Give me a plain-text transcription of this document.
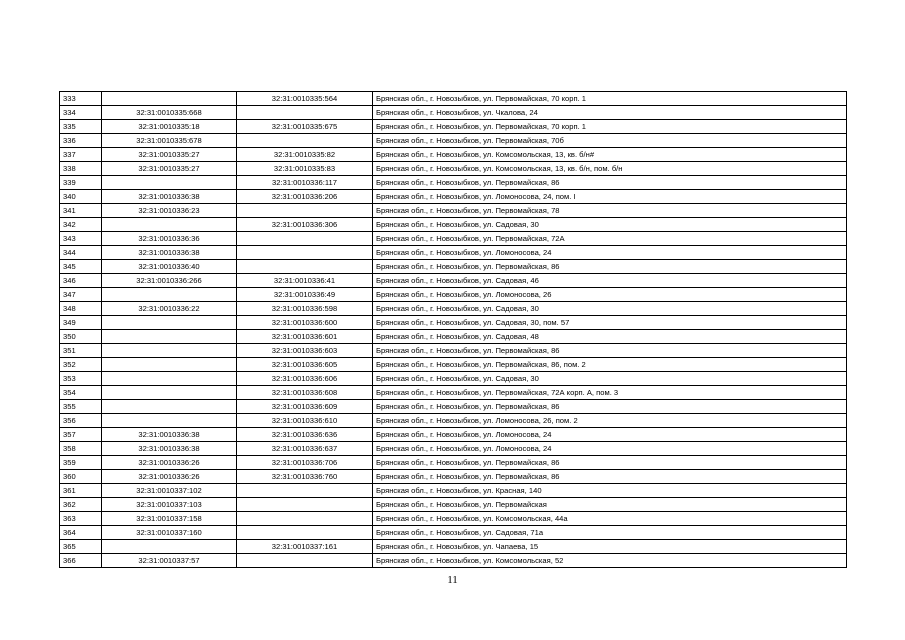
333		32:31:0010335:564	Брянская обл., г. Новозыбков, ул. Первомайская, 70 корп. 1
334	32:31:0010335:668		Брянская обл., г. Новозыбков, ул. Чкалова, 24
335	32:31:0010335:18	32:31:0010335:675	Брянская обл., г. Новозыбков, ул. Первомайская, 70 корп. 1
336	32:31:0010335:678		Брянская обл., г. Новозыбков, ул. Первомайская, 70б
337	32:31:0010335:27	32:31:0010335:82	Брянская обл., г. Новозыбков, ул. Комсомольская, 13, кв. б/н#
338	32:31:0010335:27	32:31:0010335:83	Брянская обл., г. Новозыбков, ул. Комсомольская, 13, кв. б/н, пом. б/н
339		32:31:0010336:117	Брянская обл., г. Новозыбков, ул. Первомайская, 86
340	32:31:0010336:38	32:31:0010336:206	Брянская обл., г. Новозыбков, ул. Ломоносова, 24, пом. I
341	32:31:0010336:23		Брянская обл., г. Новозыбков, ул. Первомайская, 78
342		32:31:0010336:306	Брянская обл., г. Новозыбков, ул. Садовая, 30
343	32:31:0010336:36		Брянская обл., г. Новозыбков, ул. Первомайская, 72А
344	32:31:0010336:38		Брянская обл., г. Новозыбков, ул. Ломоносова, 24
345	32:31:0010336:40		Брянская обл., г. Новозыбков, ул. Первомайская, 86
346	32:31:0010336:266	32:31:0010336:41	Брянская обл., г. Новозыбков, ул. Садовая, 46
347		32:31:0010336:49	Брянская обл., г. Новозыбков, ул. Ломоносова, 26
348	32:31:0010336:22	32:31:0010336:598	Брянская обл., г. Новозыбков, ул. Садовая, 30
349		32:31:0010336:600	Брянская обл., г. Новозыбков, ул. Садовая, 30, пом. 57
350		32:31:0010336:601	Брянская обл., г. Новозыбков, ул. Садовая, 48
351		32:31:0010336:603	Брянская обл., г. Новозыбков, ул. Первомайская, 86
352		32:31:0010336:605	Брянская обл., г. Новозыбков, ул. Первомайская, 86, пом. 2
353		32:31:0010336:606	Брянская обл., г. Новозыбков, ул. Садовая, 30
354		32:31:0010336:608	Брянская обл., г. Новозыбков, ул. Первомайская, 72А корп. А, пом. 3
355		32:31:0010336:609	Брянская обл., г. Новозыбков, ул. Первомайская, 86
356		32:31:0010336:610	Брянская обл., г. Новозыбков, ул. Ломоносова, 26, пом. 2
357	32:31:0010336:38	32:31:0010336:636	Брянская обл., г. Новозыбков, ул. Ломоносова, 24
358	32:31:0010336:38	32:31:0010336:637	Брянская обл., г. Новозыбков, ул. Ломоносова, 24
359	32:31:0010336:26	32:31:0010336:706	Брянская обл., г. Новозыбков, ул. Первомайская, 86
360	32:31:0010336:26	32:31:0010336:760	Брянская обл., г. Новозыбков, ул. Первомайская, 86
361	32:31:0010337:102		Брянская обл., г. Новозыбков, ул. Красная, 140
362	32:31:0010337:103		Брянская обл., г. Новозыбков, ул. Первомайская
363	32:31:0010337:158		Брянская обл., г. Новозыбков, ул. Комсомольская, 44а
364	32:31:0010337:160		Брянская обл., г. Новозыбков, ул. Садовая, 71а
365		32:31:0010337:161	Брянская обл., г. Новозыбков, ул. Чапаева, 15
366	32:31:0010337:57		Брянская обл., г. Новозыбков, ул. Комсомольская, 52
11
